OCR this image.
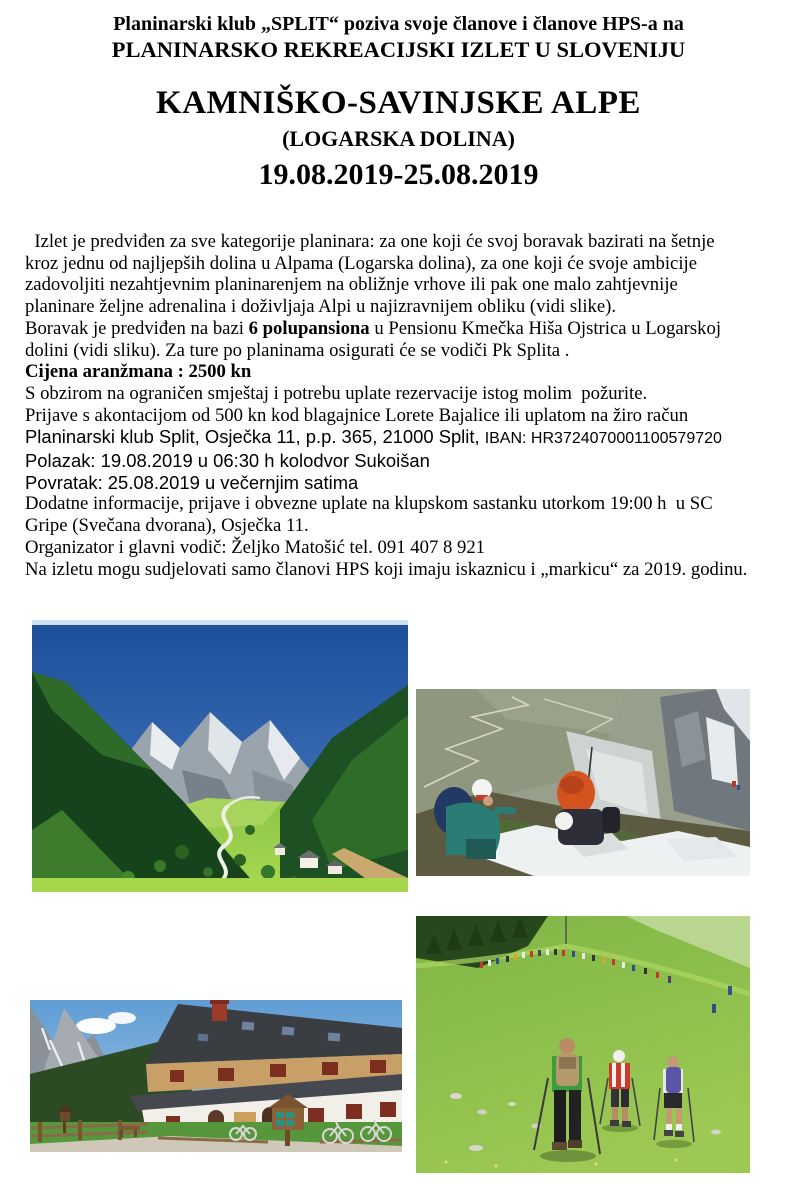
Planinarski klub „SPLIT“ poziva svoje članove i članove HPS-a na
PLANINARSKO REKREACIJSKI IZLET U SLOVENIJU
KAMNIŠKO-SAVINJSKE ALPE
(LOGARSKA DOLINA)
19.08.2019-25.08.2019
Izlet je predviđen za sve kategorije planinara: za one koji će svoj boravak bazirati na šetnje
kroz jednu od najljepših dolina u Alpama (Logarska dolina), za one koji će svoje ambicije
zadovoljiti nezahtjevnim planinarenjem na obližnje vrhove ili pak one malo zahtjevnije
planinare željne adrenalina i doživljaja Alpi u najizravnijem obliku (vidi slike).
Boravak je predviđen na bazi 6 polupansiona u Pensionu Kmečka Hiša Ojstrica u Logarskoj
dolini (vidi sliku). Za ture po planinama osigurati će se vodiči Pk Splita .
Cijena aranžmana : 2500 kn
S obzirom na ograničen smještaj i potrebu uplate rezervacije istog molim  požurite.
Prijave s akontacijom od 500 kn kod blagajnice Lorete Bajalice ili uplatom na žiro račun
Planinarski klub Split, Osječka 11, p.p. 365, 21000 Split, IBAN: HR3724070001100579720
Polazak: 19.08.2019 u 06:30 h kolodvor Sukoišan
Povratak: 25.08.2019 u večernjim satima
Dodatne informacije, prijave i obvezne uplate na klupskom sastanku utorkom 19:00 h  u SC
Gripe (Svečana dvorana), Osječka 11.
Organizator i glavni vodič: Željko Matošić tel. 091 407 8 921
Na izletu mogu sudjelovati samo članovi HPS koji imaju iskaznicu i „markicu“ za 2019. godinu.
